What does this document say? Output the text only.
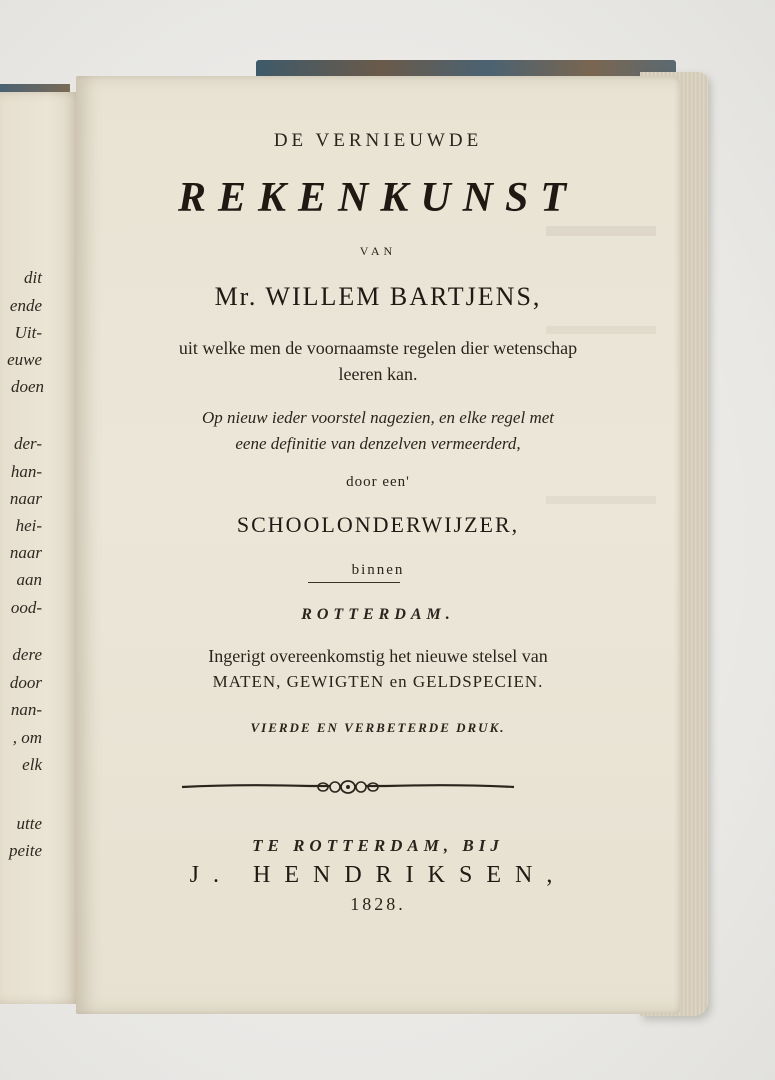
dit
ende
Uit-
euwe
doen
der-
han-
naar
hei-
naar
aan
ood-
dere
door
nan-
, om
elk
utte
peite
DE VERNIEUWDE
REKENKUNST
VAN
Mr. WILLEM BARTJENS,
uit welke men de voornaamste regelen dier wetenschap
leeren kan.
Op nieuw ieder voorstel nagezien, en elke regel met
eene definitie van denzelven vermeerderd,
door een'
SCHOOLONDERWIJZER,
binnen
ROTTERDAM.
Ingerigt overeenkomstig het nieuwe stelsel van
MATEN, GEWIGTEN en GELDSPECIEN.
VIERDE EN VERBETERDE DRUK.
TE ROTTERDAM, BIJ
J. HENDRIKSEN,
1828.
